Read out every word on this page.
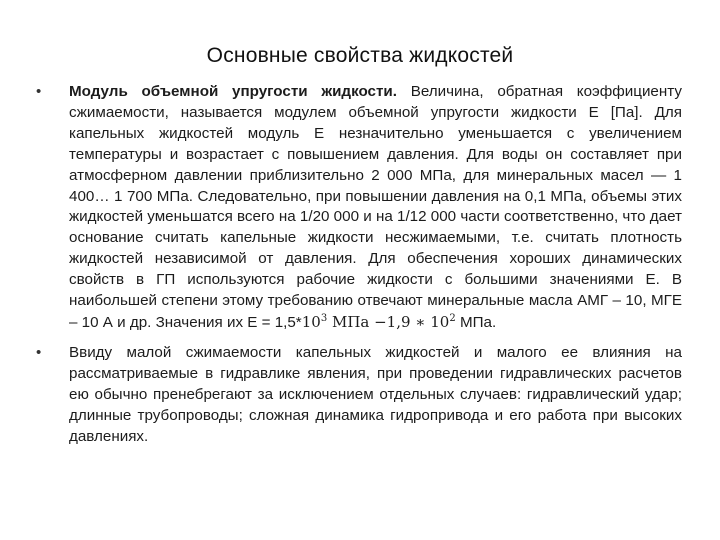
Основные свойства жидкостей
• Модуль объемной упругости жидкости. Величина, обратная коэффициенту сжимаемости, называется модулем объемной упругости жидкости Е [Па]. Для капельных жидкостей модуль Е незначительно уменьшается с увеличением температуры и возрастает с повышением давления. Для воды он составляет при атмосферном давлении приблизительно 2 000 МПа, для минеральных масел — 1 400… 1 700 МПа. Следовательно, при повышении давления на 0,1 МПа, объемы этих жидкостей уменьшатся всего на 1/20 000 и на 1/12 000 части соответственно, что дает основание считать капельные жидкости несжимаемыми, т.е. считать плотность жидкостей независимой от давления. Для обеспечения хороших динамических свойств в ГП используются рабочие жидкости с большими значениями Е. В наибольшей степени этому требованию отвечают минеральные масла АМГ – 10, МГЕ – 10 А и др. Значения их $Е = 1,5*10^3$ МПа −1,9 ∗ $10^2$ МПа.
• Ввиду малой сжимаемости капельных жидкостей и малого ее влияния на рассматриваемые в гидравлике явления, при проведении гидравлических расчетов ею обычно пренебрегают за исключением отдельных случаев: гидравлический удар; длинные трубопроводы; сложная динамика гидропривода и его работа при высоких давлениях.
